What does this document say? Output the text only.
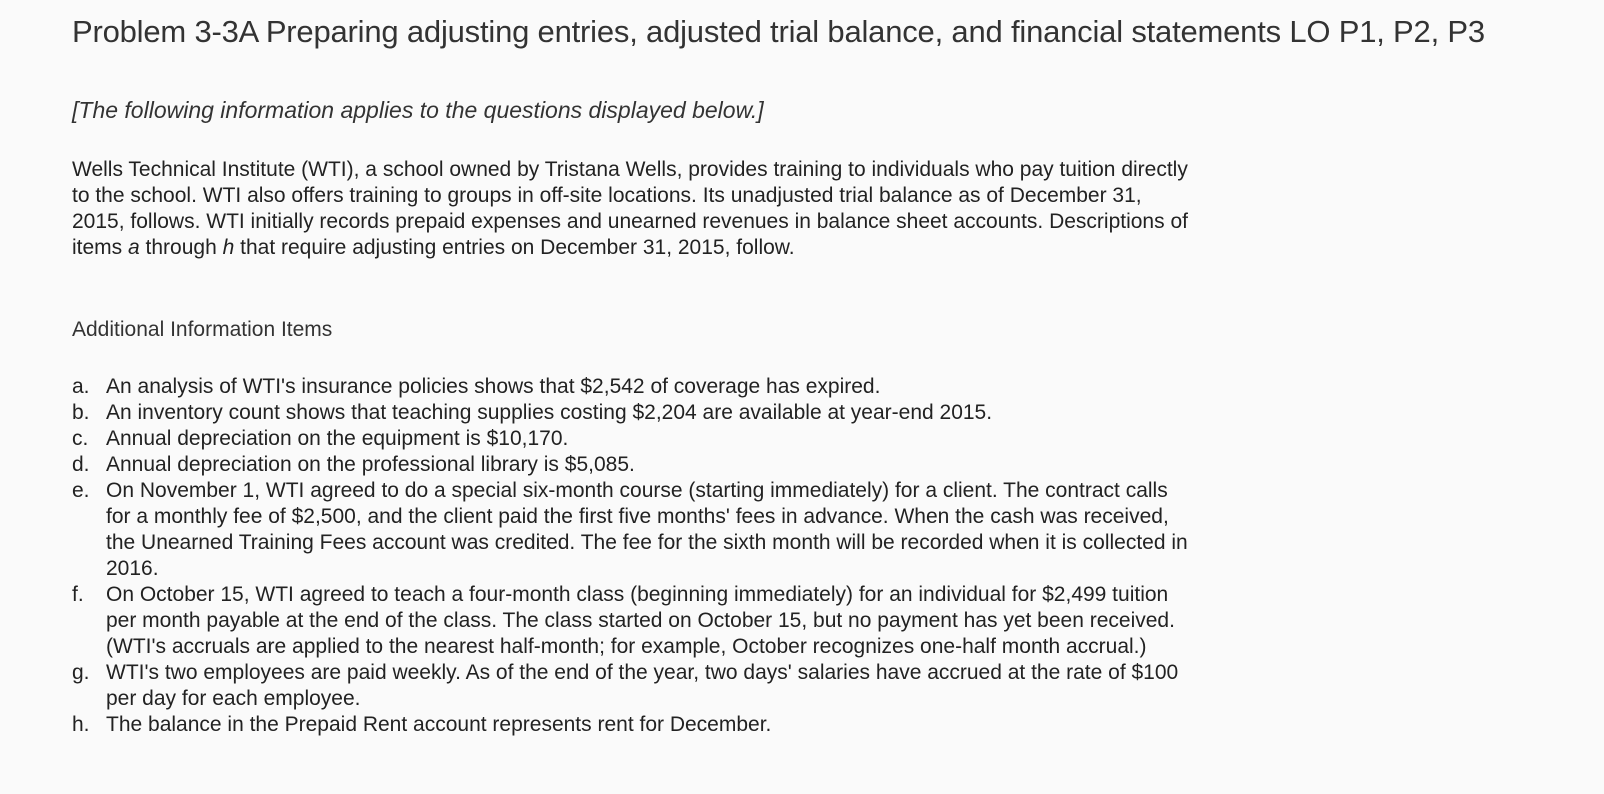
Problem 3-3A Preparing adjusting entries, adjusted trial balance, and financial statements LO P1, P2, P3

[The following information applies to the questions displayed below.]

Wells Technical Institute (WTI), a school owned by Tristana Wells, provides training to individuals who pay tuition directly to the school. WTI also offers training to groups in off-site locations. Its unadjusted trial balance as of December 31, 2015, follows. WTI initially records prepaid expenses and unearned revenues in balance sheet accounts. Descriptions of items a through h that require adjusting entries on December 31, 2015, follow.

Additional Information Items
a. An analysis of WTI's insurance policies shows that $2,542 of coverage has expired.
b. An inventory count shows that teaching supplies costing $2,204 are available at year-end 2015.
c. Annual depreciation on the equipment is $10,170.
d. Annual depreciation on the professional library is $5,085.
e. On November 1, WTI agreed to do a special six-month course (starting immediately) for a client. The contract calls for a monthly fee of $2,500, and the client paid the first five months' fees in advance. When the cash was received, the Unearned Training Fees account was credited. The fee for the sixth month will be recorded when it is collected in 2016.
f.	On October 15, WTI agreed to teach a four-month class (beginning immediately) for an individual for $2,499 tuition per month payable at the end of the class. The class started on October 15, but no payment has yet been received. (WTI's accruals are applied to the nearest half-month; for example, October recognizes one-half month accrual.)
g. WTI's two employees are paid weekly. As of the end of the year, two days' salaries have accrued at the rate of $100 per day for each employee.
h. The balance in the Prepaid Rent account represents rent for December.
